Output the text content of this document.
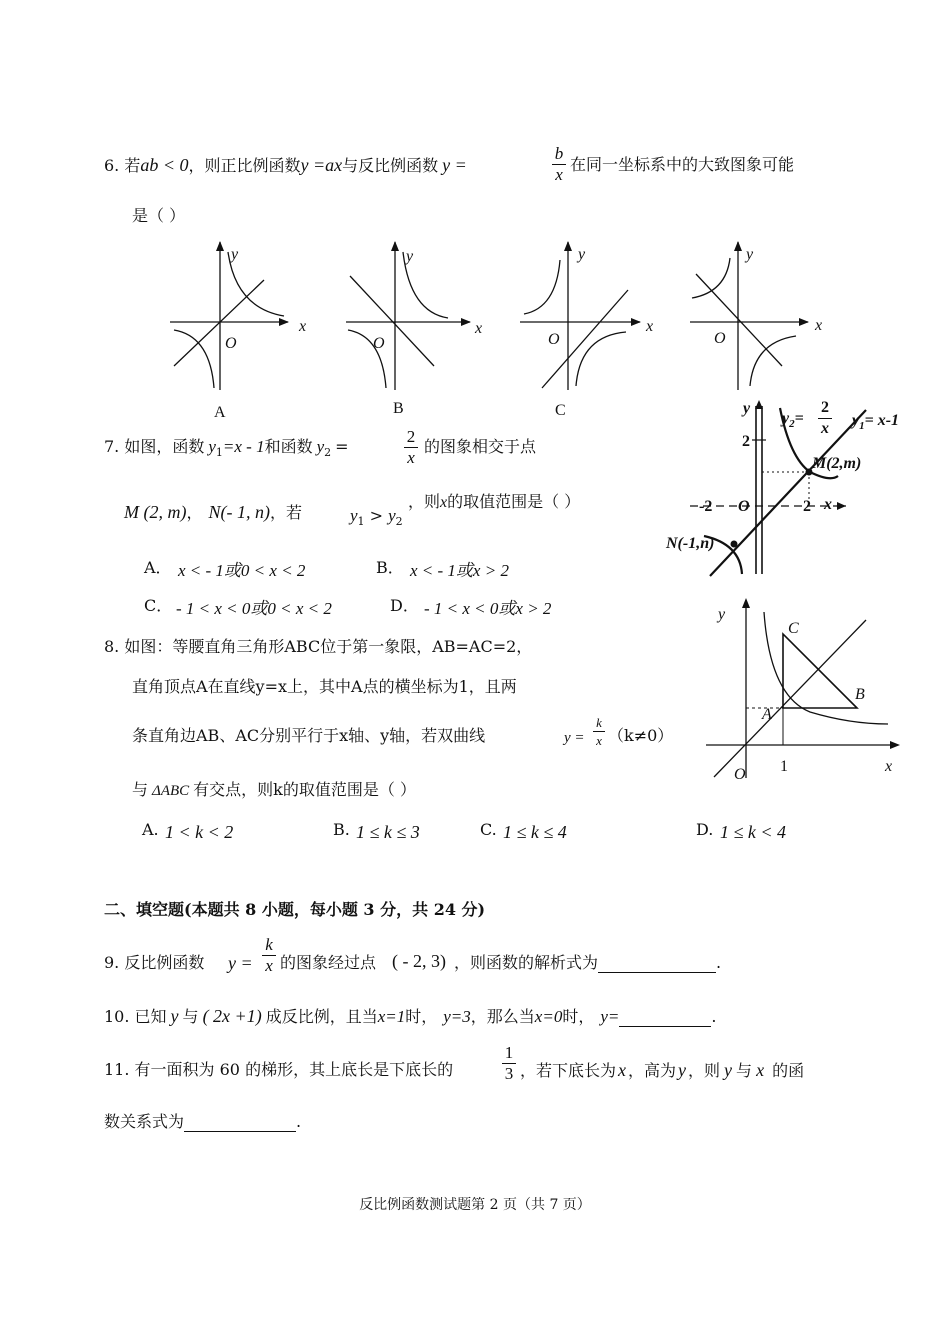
6. 若ab < 0，则正比例函数y =ax与反比例函数 y =
b
x
在同一坐标系中的大致图象可能
是（ ）
y
x
O
A
y
x
O
B
y
x
O
C
y
x
O
7. 如图，函数 $y_1=x - 1$和函数 $y_2$ =
2
x
的图象相交于点
M (2, m)， N(- 1, n)，若	$y_1 > y_2$
，则x的取值范围是（ ）
A． x < - 1或0 < x < 2	B． x < - 1或x > 2
C． - 1 < x < 0或0 < x < 2	D． - 1 < x < 0或x > 2
y
$y_2=$
2
x $y_1= x-1$
2
M(2,m)
-2 O	2 x
N(-1,n)
8. 如图：等腰直角三角形ABC位于第一象限，AB=AC=2，
直角顶点A在直线y=x上，其中A点的横坐标为1，且两
条直角边AB、AC分别平行于x轴、y轴，若双曲线	y =
k
x （k≠0）
与 ΔABC 有交点，则k的取值范围是（ ）
A. 1 < k < 2	B. 1 ≤ k ≤ 3	C. 1 ≤ k ≤ 4	D. 1 ≤ k < 4
y
C
B
A
1	x
O
二、填空题(本题共 8 小题，每小题 3 分，共 24 分)
9. 反比例函数 y =
k
x 的图象经过点 ( - 2, 3) ，则函数的解析式为	.
10. 已知 y 与 ( 2x +1) 成反比例，且当x=1时， y=3，那么当x=0时， y=	.
11. 有一面积为 60 的梯形，其上底长是下底长的
1
3 ，若下底长为 x ，高为 y ，则 y 与 x 的函
数关系式为	.
反比例函数测试题第 2 页（共 7 页）
